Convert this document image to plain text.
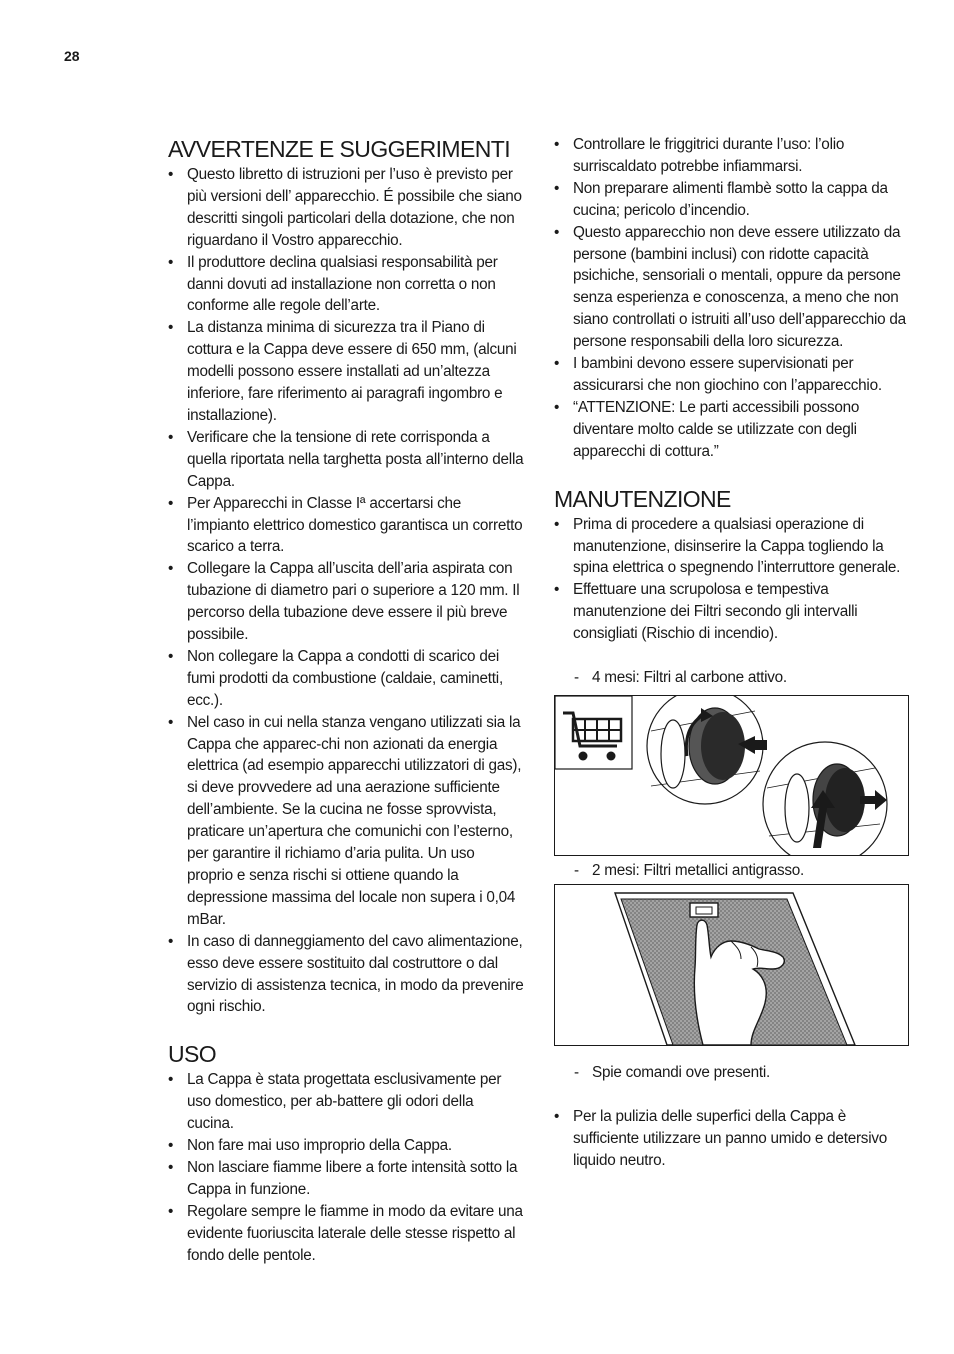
28
AVVERTENZE E SUGGERIMENTI
• Questo libretto di istruzioni per l’uso è previsto per più versioni dell’ apparecchio. É possibile che siano descritti singoli particolari della dotazione, che non riguardano il Vostro apparecchio.
• Il produttore declina qualsiasi responsabilità per danni dovuti ad installazione non corretta o non conforme alle regole dell’arte.
• La distanza minima di sicurezza tra il Piano di cottura e la Cappa deve essere di 650 mm, (alcuni modelli possono essere installati ad un’altezza inferiore, fare riferimento ai paragrafi ingombro e installazione).
• Verificare che la tensione di rete corrisponda a quella riportata nella targhetta posta all’interno della Cappa.
• Per Apparecchi in Classe Iª accertarsi che l’impianto elettrico domestico garantisca un corretto scarico a terra.
• Collegare la Cappa all’uscita dell’aria aspirata con tubazione di diametro pari o superiore a 120 mm. Il percorso della tubazione deve essere il più breve possibile.
• Non collegare la Cappa a condotti di scarico dei fumi prodotti da combustione (caldaie, caminetti, ecc.).
• Nel caso in cui nella stanza vengano utilizzati sia la Cappa che apparec-chi non azionati da energia elettrica (ad esempio apparecchi utilizzatori di gas), si deve provvedere ad una aerazione sufficiente dell’ambiente. Se la cucina ne fosse sprovvista, praticare un’apertura che comunichi con l’esterno, per garantire il richiamo d’aria pulita. Un uso proprio e senza rischi si ottiene quando la depressione massima del locale non supera i 0,04 mBar.
• In caso di danneggiamento del cavo alimentazione, esso deve essere sostituito dal costruttore o dal servizio di assistenza tecnica, in modo da prevenire ogni rischio.
USO
• La Cappa è stata progettata esclusivamente per uso domestico, per ab-battere gli odori della cucina.
• Non fare mai uso improprio della Cappa.
• Non lasciare fiamme libere a forte intensità sotto la Cappa in funzione.
• Regolare sempre le fiamme in modo da evitare una evidente fuoriuscita laterale delle stesse rispetto al fondo delle pentole.
• Controllare le friggitrici durante l’uso: l’olio surriscaldato potrebbe infiammarsi.
• Non preparare alimenti flambè sotto la cappa da cucina; pericolo d’incendio.
• Questo apparecchio non deve essere utilizzato da persone (bambini inclusi) con ridotte capacità psichiche, sensoriali o mentali, oppure da persone senza esperienza e conoscenza, a meno che non siano controllati o istruiti all’uso dell’apparecchio da persone responsabili della loro sicurezza.
• I bambini devono essere supervisionati per assicurarsi che non giochino con l’apparecchio.
• “ATTENZIONE: Le parti accessibili possono diventare molto calde se utilizzate con degli apparecchi di cottura.”
MANUTENZIONE
• Prima di procedere a qualsiasi operazione di manutenzione, disinserire la Cappa togliendo la spina elettrica o spegnendo l’interruttore generale.
• Effettuare una scrupolosa e tempestiva manutenzione dei Filtri secondo gli intervalli consigliati (Rischio di incendio).
- 4 mesi: Filtri al carbone attivo.
- 2 mesi: Filtri metallici antigrasso.
- Spie comandi ove presenti.
• Per la pulizia delle superfici della Cappa è sufficiente utilizzare un panno umido e detersivo liquido neutro.
